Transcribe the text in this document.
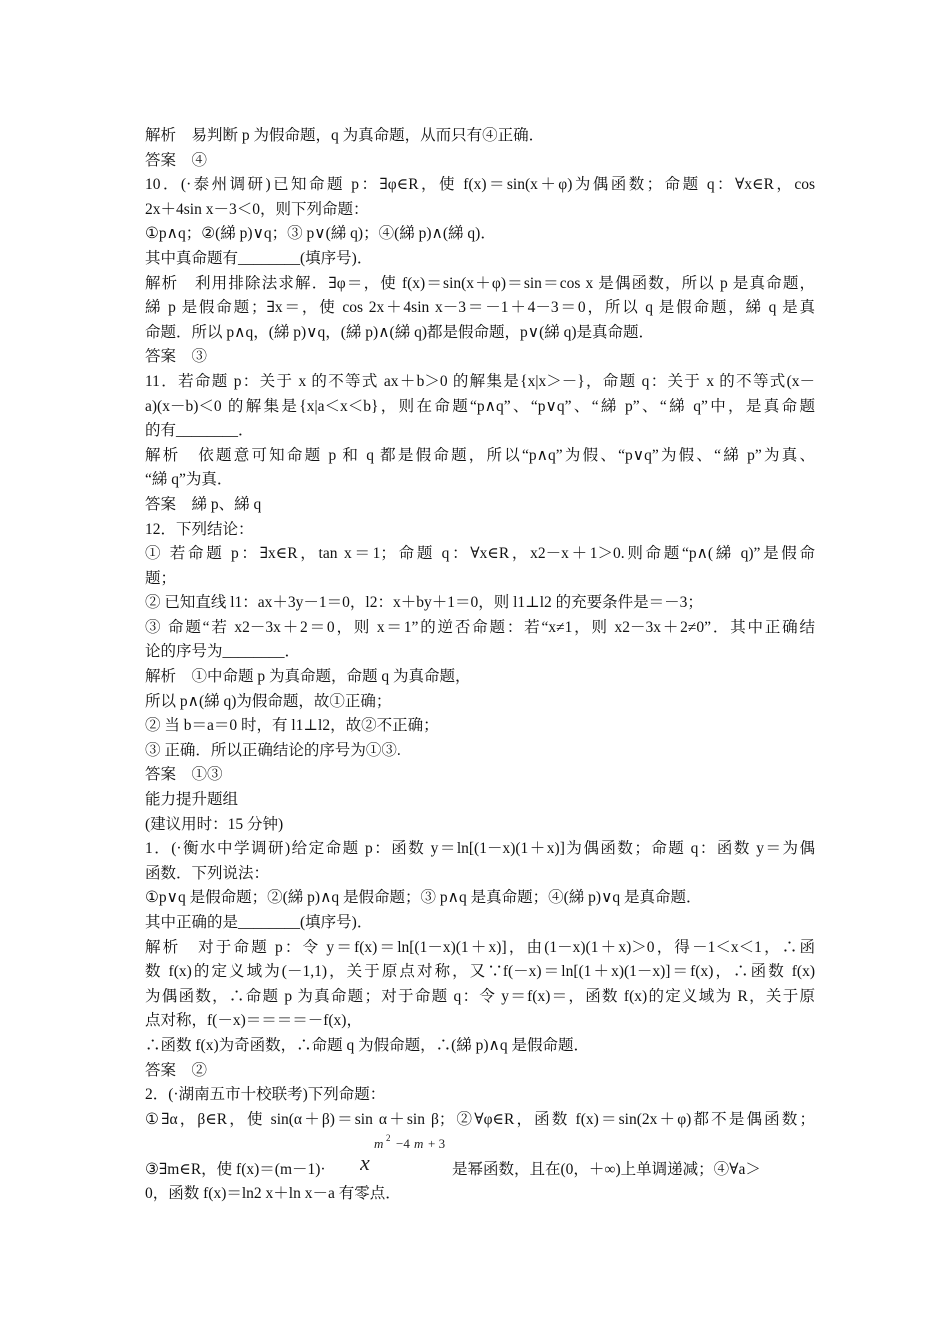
解析　易判断 p 为假命题，q 为真命题，从而只有④正确．
答案　④
10．(·泰州调研)已知命题 p：∃φ∈R，使 f(x)＝sin(x＋φ)为偶函数；命题 q：∀x∈R，cos
2x＋4sin x－3＜0，则下列命题：
①p∧q；②(綈 p)∨q；③ p∨(綈 q)；④(綈 p)∧(綈 q)．
其中真命题有________(填序号)．
解析　利用排除法求解．∃φ＝，使 f(x)＝sin(x＋φ)＝sin＝cos x 是偶函数，所以 p 是真命题，
綈 p 是假命题；∃x＝，使 cos 2x＋4sin x－3＝－1＋4－3＝0，所以 q 是假命题，綈 q 是真
命题．所以 p∧q，(綈 p)∨q，(綈 p)∧(綈 q)都是假命题，p∨(綈 q)是真命题．
答案　③
11．若命题 p：关于 x 的不等式 ax＋b＞0 的解集是{x|x＞－}，命题 q：关于 x 的不等式(x－
a)(x－b)＜0 的解集是{x|a＜x＜b}，则在命题“p∧q”、“p∨q”、“綈 p”、“綈 q”中，是真命题
的有________．
解析　依题意可知命题 p 和 q 都是假命题，所以“p∧q”为假、“p∨q”为假、“綈 p”为真、
“綈 q”为真．
答案　綈 p、綈 q
12．下列结论：
① 若命题 p：∃x∈R，tan x＝1；命题 q：∀x∈R，x2－x＋1＞0.则命题“p∧(綈 q)”是假命
题；
② 已知直线 l1：ax＋3y－1＝0，l2：x＋by＋1＝0，则 l1⊥l2 的充要条件是＝－3；
③ 命题“若 x2－3x＋2＝0，则 x＝1”的逆否命题：若“x≠1，则 x2－3x＋2≠0”．其中正确结
论的序号为________．
解析　①中命题 p 为真命题，命题 q 为真命题，
所以 p∧(綈 q)为假命题，故①正确；
② 当 b＝a＝0 时，有 l1⊥l2，故②不正确；
③ 正确．所以正确结论的序号为①③.
答案　①③
能力提升题组
(建议用时：15 分钟)
1．(·衡水中学调研)给定命题 p：函数 y＝ln[(1－x)(1＋x)]为偶函数；命题 q：函数 y＝为偶
函数．下列说法：
①p∨q 是假命题；②(綈 p)∧q 是假命题；③ p∧q 是真命题；④(綈 p)∨q 是真命题．
其中正确的是________(填序号)．
解析　对于命题 p：令 y＝f(x)＝ln[(1－x)(1＋x)]，由(1－x)(1＋x)＞0，得－1＜x＜1，∴函
数 f(x)的定义域为(－1,1)，关于原点对称，又∵f(－x)＝ln[(1＋x)(1－x)]＝f(x)，∴函数 f(x)
为偶函数，∴命题 p 为真命题；对于命题 q：令 y＝f(x)＝，函数 f(x)的定义域为 R，关于原
点对称，f(－x)＝＝＝＝－f(x)，
∴函数 f(x)为奇函数，∴命题 q 为假命题，∴(綈 p)∧q 是假命题．
答案　②
2．(·湖南五市十校联考)下列命题：
①∃α，β∈R，使 sin(α＋β)＝sin α＋sin β；②∀φ∈R，函数 f(x)＝sin(2x＋φ)都不是偶函数；
③∃m∈R，使 f(x)＝(m－1)· x
m 2 −4 m + 3
是幂函数，且在(0，＋∞)上单调递减；④∀a＞
0，函数 f(x)＝ln2 x＋ln x－a 有零点．
